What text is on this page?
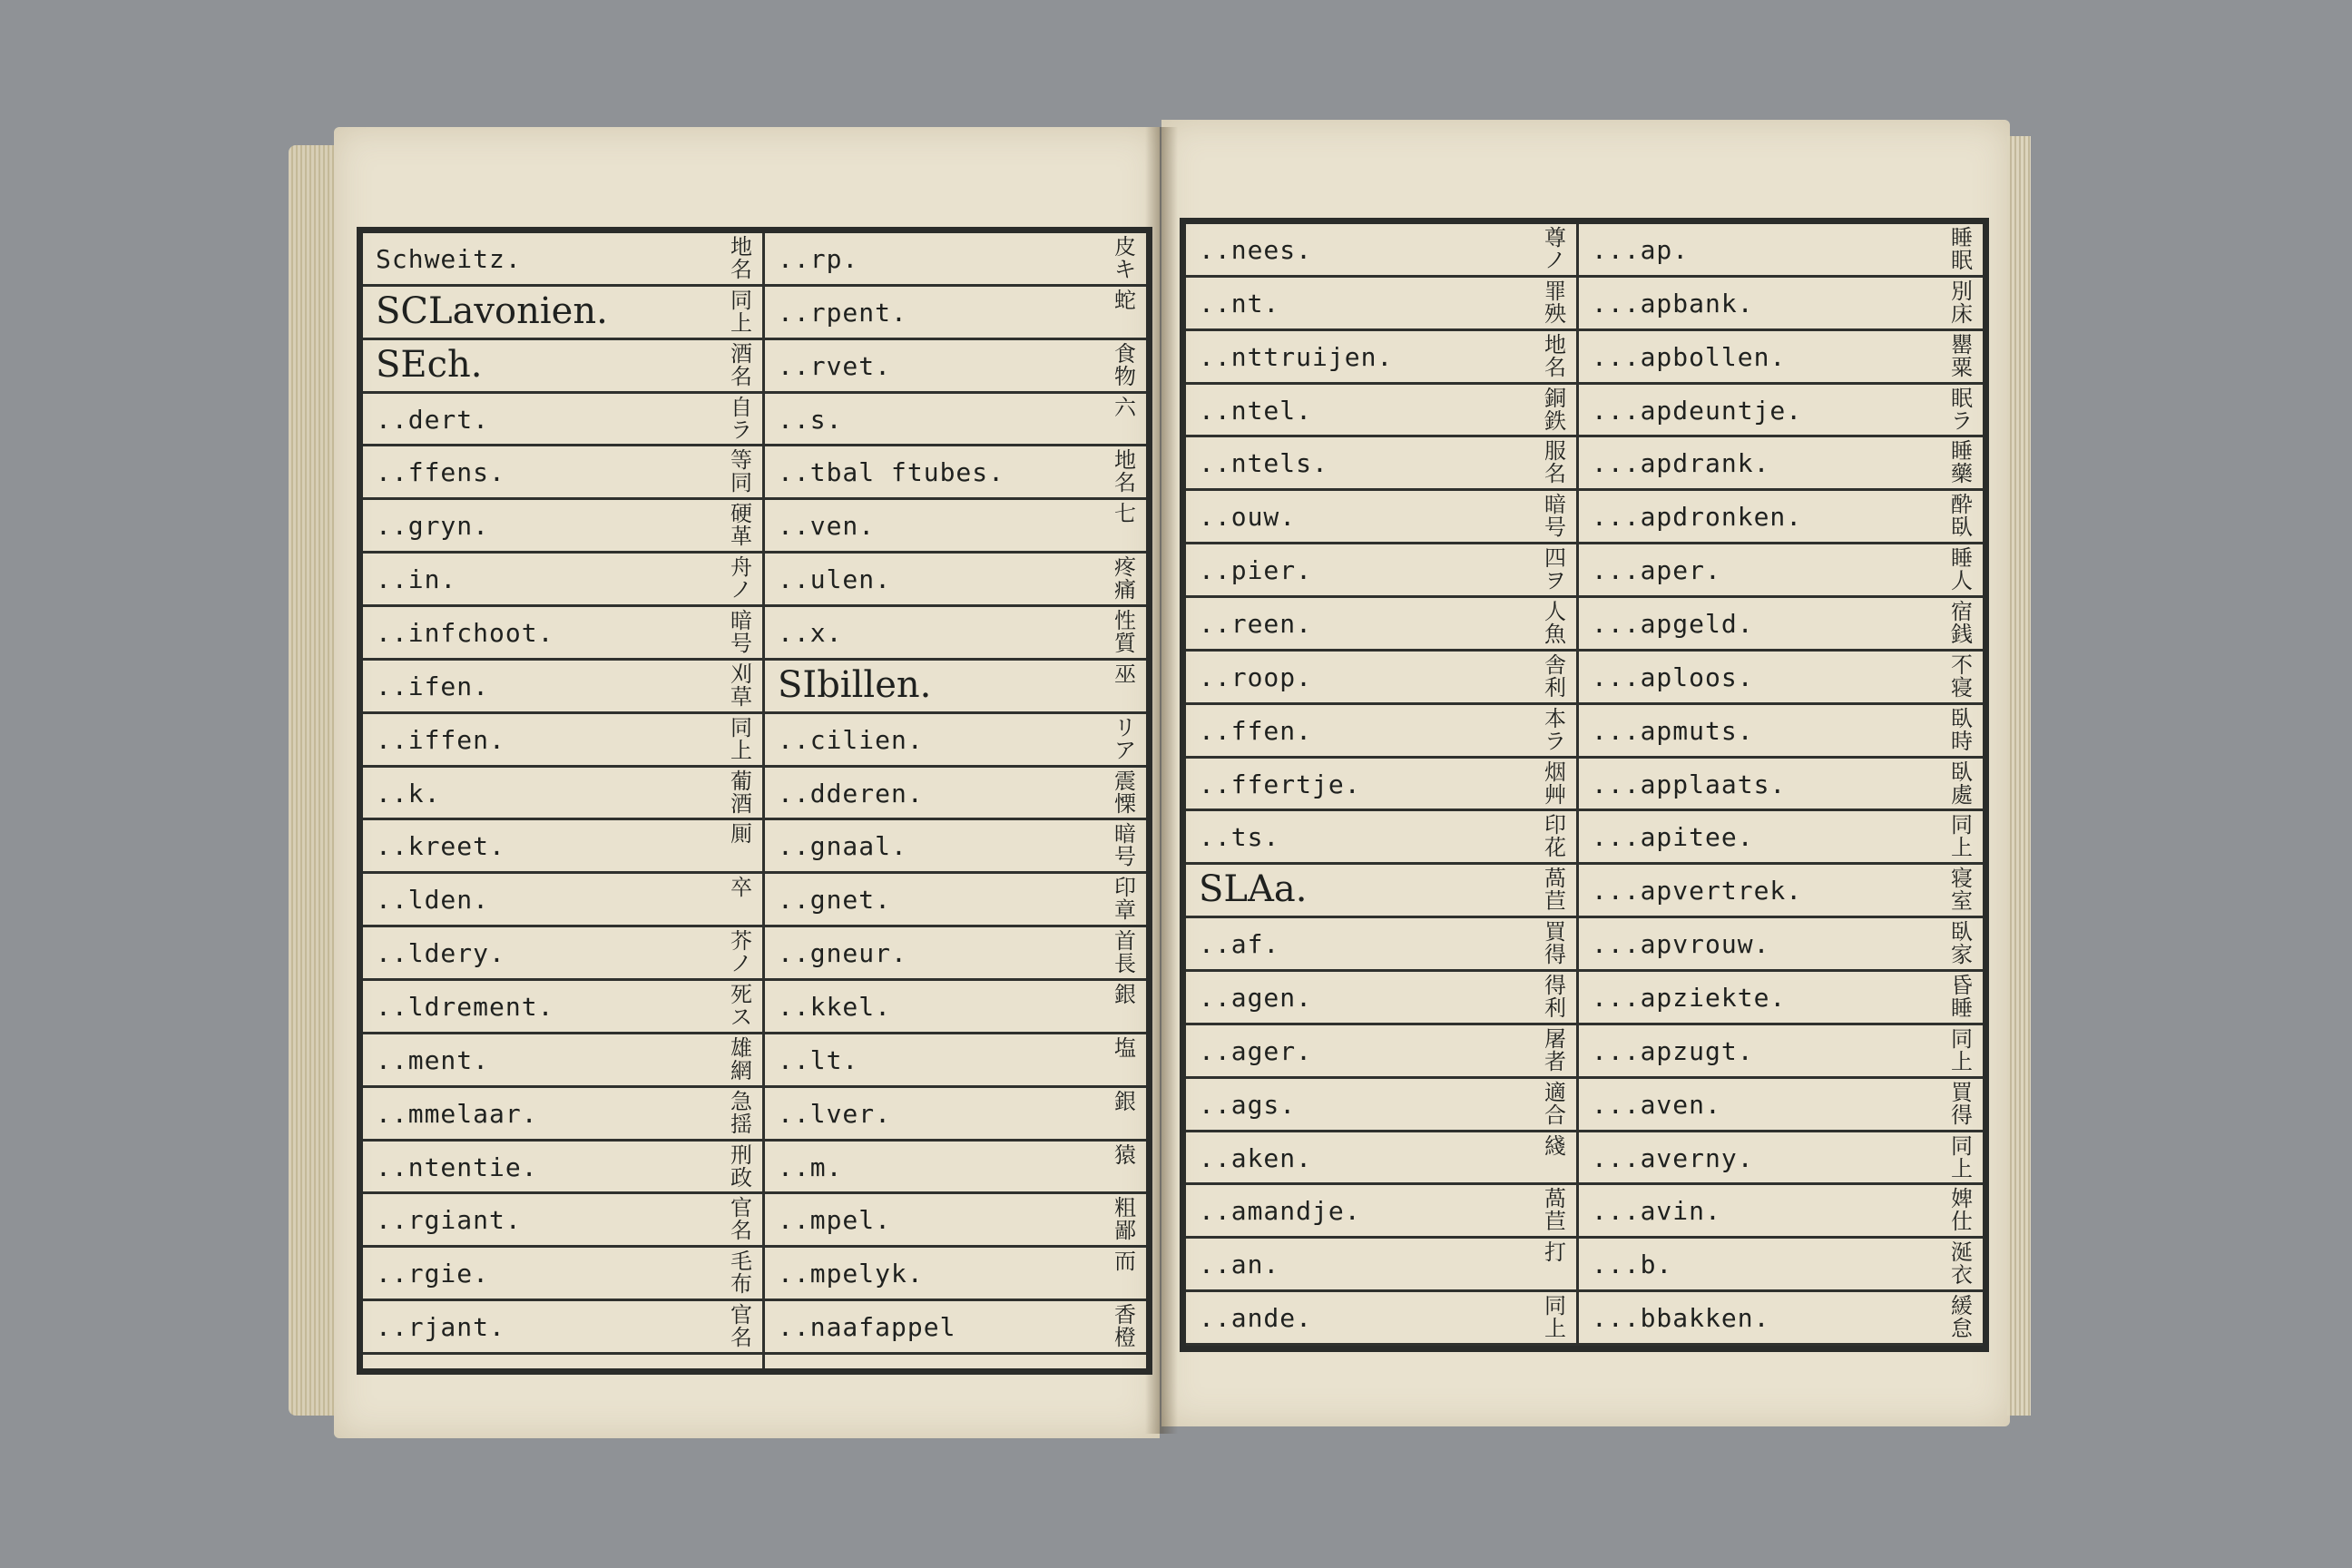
Schweitz.	地名 ..rp.	皮キ
SCLavonien.	同上 ..rpent.	蛇
SEch.	酒名 ..rvet.	食物
..dert.	自ラ ..s.	六
..ffens.	等同 ..tbal ftubes.	地名
..gryn.	硬革 ..ven.	七
..in.	舟ノ ..ulen.	疼痛
..infchoot.	暗号 ..x.	性質
..ifen.	刈草 SIbillen.	巫
..iffen.	同上 ..cilien.	リア
..k.	葡酒 ..dderen.	震慄
..kreet.	厠 ..gnaal.	暗号
..lden.	卒 ..gnet.	印章
..ldery.	芥ノ ..gneur.	首長
..ldrement.	死ス ..kkel.	銀
..ment.	雄網 ..lt.	塩
..mmelaar.	急揺 ..lver.	銀
..ntentie.	刑政 ..m.	猿
..rgiant.	官名 ..mpel.	粗鄙
..rgie.	毛布 ..mpelyk.	而
..rjant.	官名 ..naafappel	香橙
..nees.	尊ノ ...ap.	睡眠
..nt.	罪殃 ...apbank.	別床
..nttruijen.	地名 ...apbollen.	罌粟
..ntel.	銅鉄 ...apdeuntje.	眠ラ
..ntels.	服名 ...apdrank.	睡藥
..ouw.	暗号 ...apdronken.	酔臥
..pier.	四ヲ ...aper.	睡人
..reen.	人魚 ...apgeld.	宿銭
..roop.	舎利 ...aploos.	不寝
..ffen.	本ラ ...apmuts.	臥時
..ffertje.	烟艸 ...applaats.	臥處
..ts.	印花 ...apitee.	同上
SLAa.	萵苣 ...apvertrek.	寝室
..af.	買得 ...apvrouw.	臥家
..agen.	得利 ...apziekte.	昏睡
..ager.	屠者 ...apzugt.	同上
..ags.	適合 ...aven.	買得
..aken.	綫 ...averny.	同上
..amandje.	萵苣 ...avin.	婢仕
..an.	打 ...b.	涎衣
..ande.	同上 ...bbakken.	緩怠
